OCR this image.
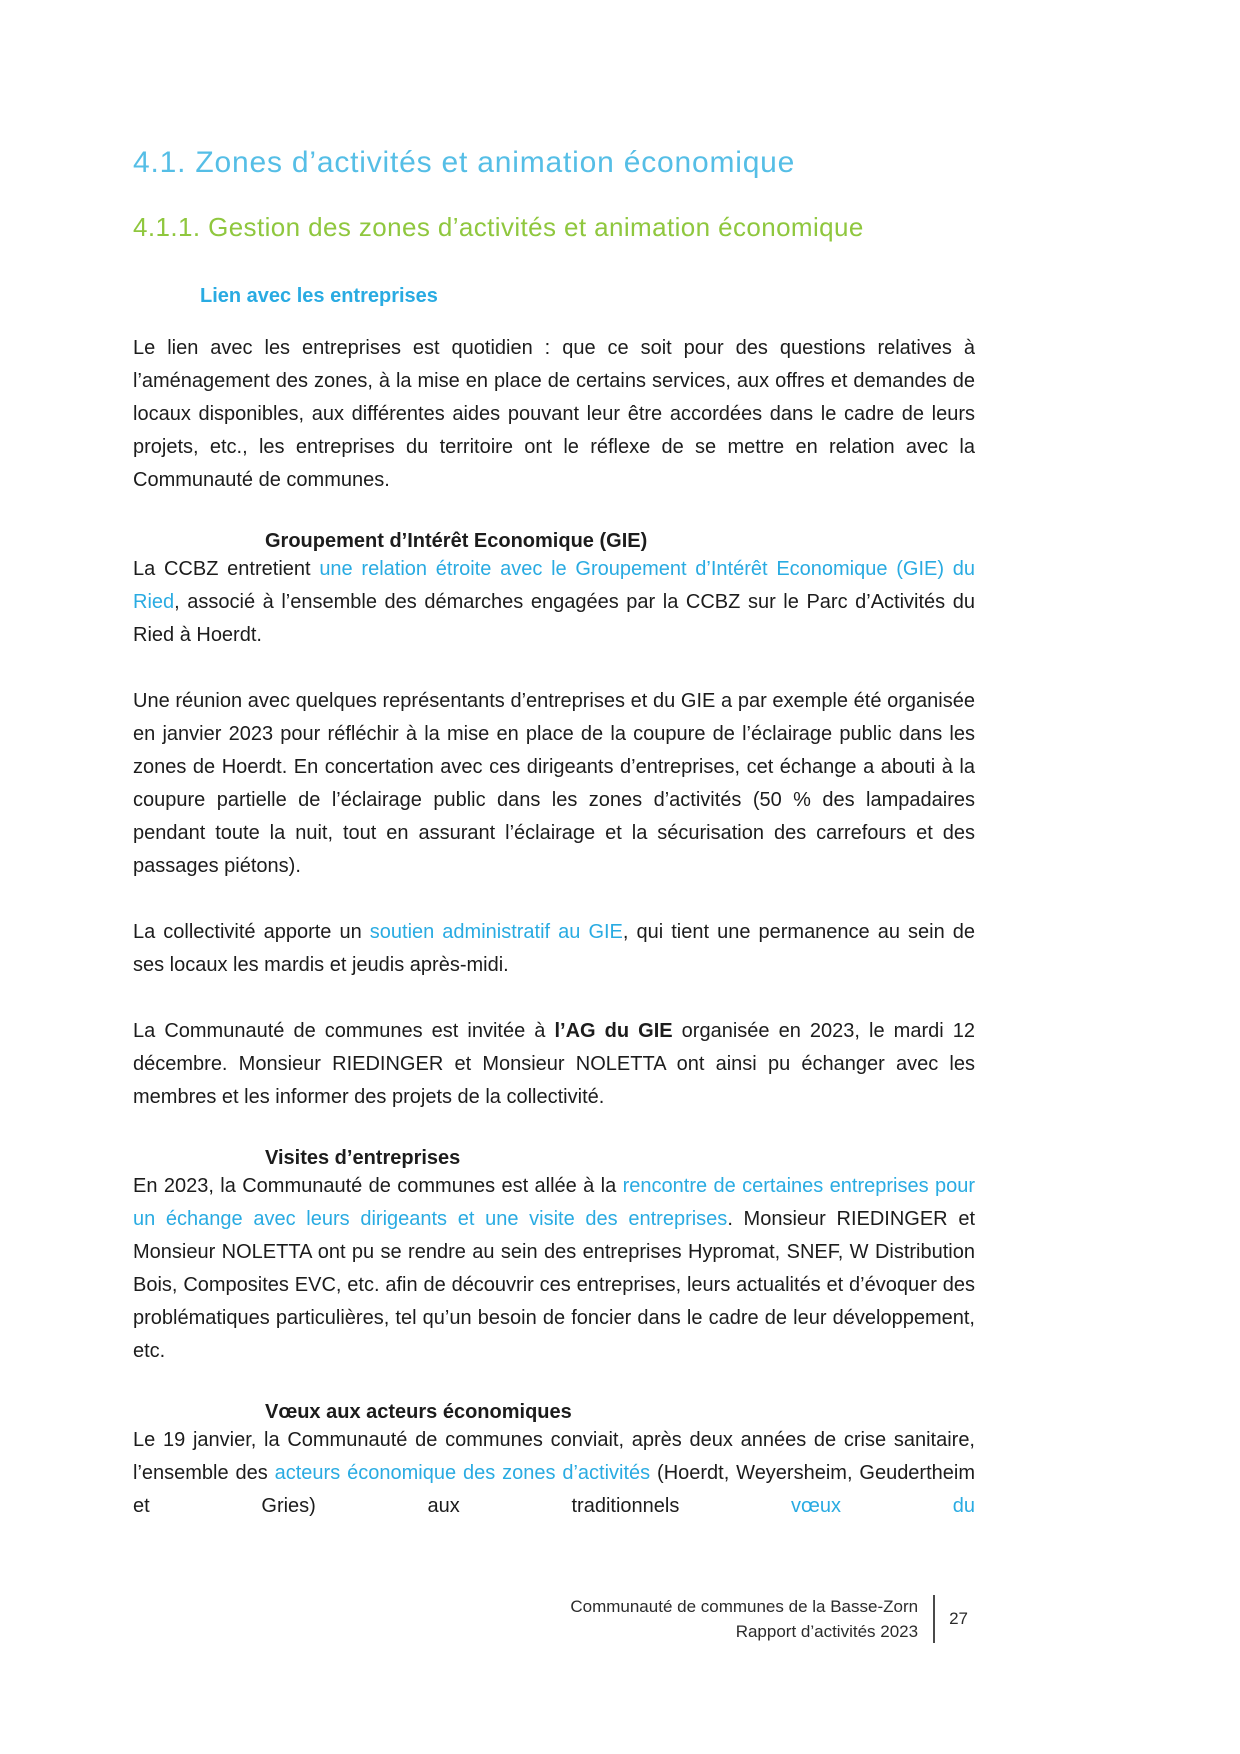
4.1. Zones d’activités et animation économique
4.1.1. Gestion des zones d’activités et animation économique
Lien avec les entreprises

Le lien avec les entreprises est quotidien : que ce soit pour des questions relatives à l’aménagement des zones, à la mise en place de certains services, aux offres et demandes de locaux disponibles, aux différentes aides pouvant leur être accordées dans le cadre de leurs projets, etc., les entreprises du territoire ont le réflexe de se mettre en relation avec la Communauté de communes.

Groupement d’Intérêt Economique (GIE)

La CCBZ entretient une relation étroite avec le Groupement d’Intérêt Economique (GIE) du Ried, associé à l’ensemble des démarches engagées par la CCBZ sur le Parc d’Activités du Ried à Hoerdt.

Une réunion avec quelques représentants d’entreprises et du GIE a par exemple été organisée en janvier 2023 pour réfléchir à la mise en place de la coupure de l’éclairage public dans les zones de Hoerdt. En concertation avec ces dirigeants d’entreprises, cet échange a abouti à la coupure partielle de l’éclairage public dans les zones d’activités (50 % des lampadaires pendant toute la nuit, tout en assurant l’éclairage et la sécurisation des carrefours et des passages piétons).

La collectivité apporte un soutien administratif au GIE, qui tient une permanence au sein de ses locaux les mardis et jeudis après-midi.

La Communauté de communes est invitée à l’AG du GIE organisée en 2023, le mardi 12 décembre. Monsieur RIEDINGER et Monsieur NOLETTA ont ainsi pu échanger avec les membres et les informer des projets de la collectivité.

Visites d’entreprises

En 2023, la Communauté de communes est allée à la rencontre de certaines entreprises pour un échange avec leurs dirigeants et une visite des entreprises. Monsieur RIEDINGER et Monsieur NOLETTA ont pu se rendre au sein des entreprises Hypromat, SNEF, W Distribution Bois, Composites EVC, etc. afin de découvrir ces entreprises, leurs actualités et d’évoquer des problématiques particulières, tel qu’un besoin de foncier dans le cadre de leur développement, etc.

Vœux aux acteurs économiques

Le 19 janvier, la Communauté de communes conviait, après deux années de crise sanitaire, l’ensemble des acteurs économique des zones d’activités (Hoerdt, Weyersheim, Geudertheim et Gries) aux traditionnels vœux du

Communauté de communes de la Basse-Zorn
Rapport d’activités 2023
27
